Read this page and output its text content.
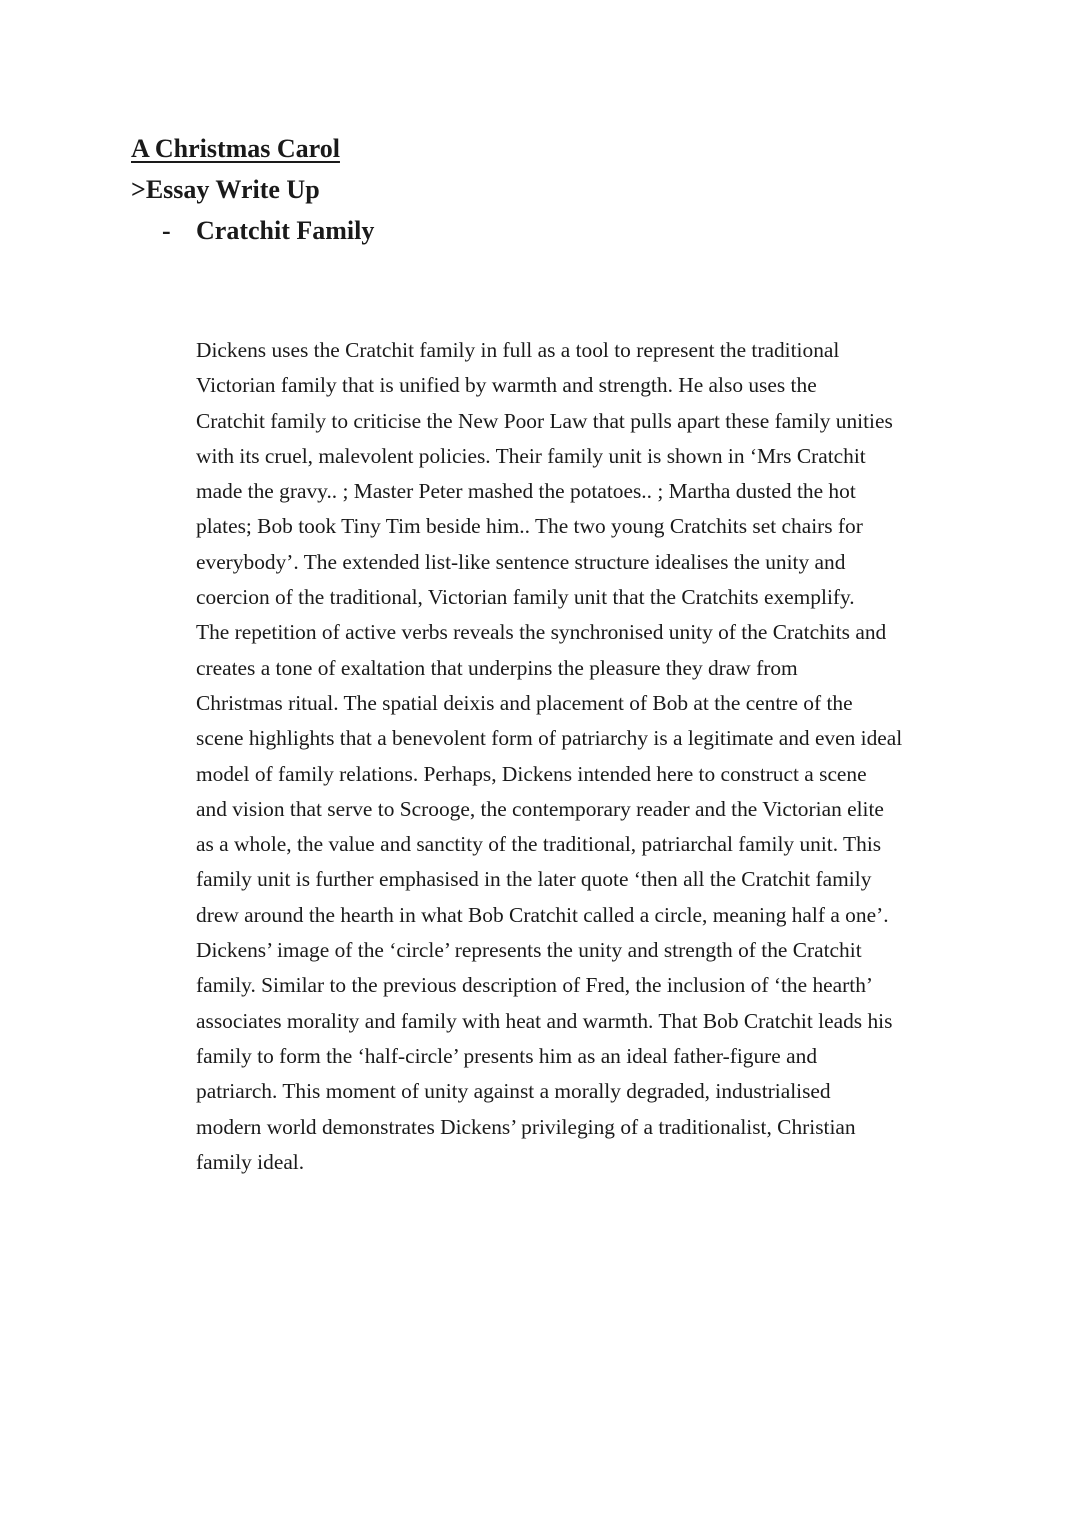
A Christmas Carol
>Essay Write Up
- Cratchit Family
Dickens uses the Cratchit family in full as a tool to represent the traditional
Victorian family that is unified by warmth and strength. He also uses the
Cratchit family to criticise the New Poor Law that pulls apart these family unities
with its cruel, malevolent policies. Their family unit is shown in ‘Mrs Cratchit
made the gravy.. ; Master Peter mashed the potatoes.. ; Martha dusted the hot
plates; Bob took Tiny Tim beside him.. The two young Cratchits set chairs for
everybody’. The extended list-like sentence structure idealises the unity and
coercion of the traditional, Victorian family unit that the Cratchits exemplify.
The repetition of active verbs reveals the synchronised unity of the Cratchits and
creates a tone of exaltation that underpins the pleasure they draw from
Christmas ritual. The spatial deixis and placement of Bob at the centre of the
scene highlights that a benevolent form of patriarchy is a legitimate and even ideal
model of family relations. Perhaps, Dickens intended here to construct a scene
and vision that serve to Scrooge, the contemporary reader and the Victorian elite
as a whole, the value and sanctity of the traditional, patriarchal family unit. This
family unit is further emphasised in the later quote ‘then all the Cratchit family
drew around the hearth in what Bob Cratchit called a circle, meaning half a one’.
Dickens’ image of the ‘circle’ represents the unity and strength of the Cratchit
family. Similar to the previous description of Fred, the inclusion of ‘the hearth’
associates morality and family with heat and warmth. That Bob Cratchit leads his
family to form the ‘half-circle’ presents him as an ideal father-figure and
patriarch. This moment of unity against a morally degraded, industrialised
modern world demonstrates Dickens’ privileging of a traditionalist, Christian
family ideal.
